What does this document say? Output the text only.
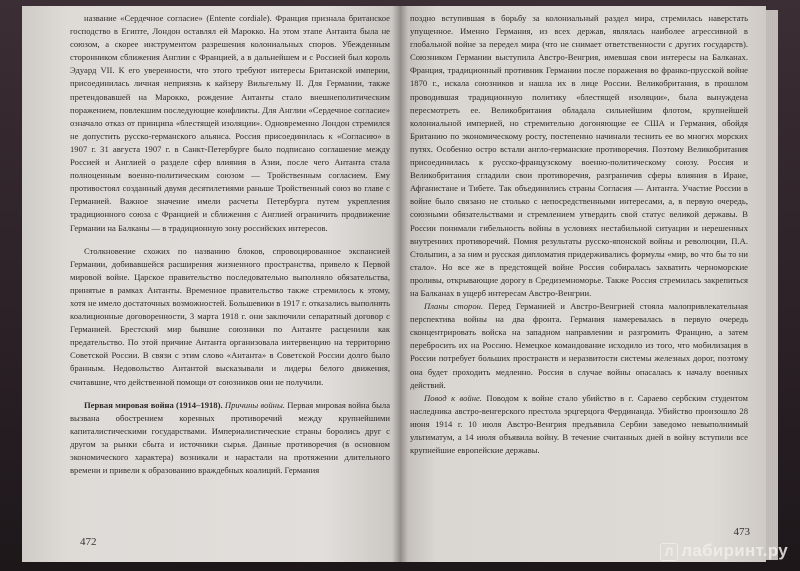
название «Сердечное согласие» (Entente cordiale). Франция признала британское господство в Египте, Лондон оставлял ей Марокко. На этом этапе Антанта была не союзом, а скорее инструментом разрешения колониальных споров. Убежденным сторонником сближения Англии с Францией, а в дальнейшем и с Россией был король Эдуард VII. К его уверенности, что этого требуют интересы Британской империи, присоединилась личная неприязнь к кайзеру Вильгельму II. Для Германии, также претендовавшей на Марокко, рождение Антанты стало внешнеполитическим поражением, повлекшим последующие конфликты. Для Англии «Сердечное согласие» означало отказ от принципа «блестящей изоляции». Одновременно Лондон стремился не допустить русско-германского альянса. Россия присоединилась к «Согласию» в 1907 г. 31 августа 1907 г. в Санкт-Петербурге было подписано соглашение между Россией и Англией о разделе сфер влияния в Азии, после чего Антанта стала полноценным военно-политическим союзом — Тройственным согласием. Ему противостоял созданный двумя десятилетиями раньше Тройственный союз во главе с Германией. Важное значение имели расчеты Петербурга путем укрепления традиционного союза с Францией и сближения с Англией ограничить продвижение Германии на Балканы — в традиционную зону российских интересов.

Столкновение схожих по названию блоков, спровоцированное экспансией Германии, добивавшейся расширения жизненного пространства, привело к Первой мировой войне. Царское правительство последовательно выполняло обязательства, принятые в рамках Антанты. Временное правительство также стремилось к этому, хотя не имело достаточных возможностей. Большевики в 1917 г. отказались выполнять коалиционные договоренности, 3 марта 1918 г. они заключили сепаратный договор с Германией. Брестский мир бывшие союзники по Антанте расценили как предательство. По этой причине Антанта организовала интервенцию на территорию Советской России. В связи с этим слово «Антанта» в Советской России долго было бранным. Недовольство Антантой высказывали и лидеры белого движения, считавшие, что действенной помощи от союзников они не получили.

Первая мировая война (1914–1918). Причины войны. Первая мировая война была вызвана обострением коренных противоречий между крупнейшими капиталистическими государствами. Империалистические страны боролись друг с другом за рынки сбыта и источники сырья. Данные противоречия (в основном экономического характера) возникали и нарастали на протяжении длительного времени и привели к образованию враждебных коалиций. Германия

472

поздно вступившая в борьбу за колониальный раздел мира, стремилась наверстать упущенное. Именно Германия, из всех держав, являлась наиболее агрессивной в глобальной войне за передел мира (что не снимает ответственности с других государств). Союзником Германии выступила Австро-Венгрия, имевшая свои интересы на Балканах. Франция, традиционный противник Германии после поражения во франко-прусской войне 1870 г., искала союзников и нашла их в лице России. Великобритания, в прошлом проводившая традиционную политику «блестящей изоляции», была вынуждена пересмотреть ее. Великобритания обладала сильнейшим флотом, крупнейшей колониальной империей, но стремительно догоняющие ее США и Германия, обойдя Британию по экономическому росту, постепенно начинали теснить ее во многих морских путях. Особенно остро встали англо-германские противоречия. Поэтому Великобритания присоединилась к русско-французскому военно-политическому союзу. Россия и Великобритания сгладили свои противоречия, разграничив сферы влияния в Иране, Афганистане и Тибете. Так объединились страны Согласия — Антанта. Участие России в войне было связано не столько с непосредственными интересами, а, в первую очередь, союзными обязательствами и стремлением утвердить свой статус великой державы. В России понимали гибельность войны в условиях нестабильной ситуации и нерешенных внутренних противоречий. Помня результаты русско-японской войны и революции, П.А. Столыпин, а за ним и русская дипломатия придерживались формулы «мир, во что бы то ни стало». Но все же в предстоящей войне Россия собиралась захватить черноморские проливы, открывающие дорогу в Средиземноморье. Также Россия стремилась закрепиться на Балканах в ущерб интересам Австро-Венгрии.

Планы сторон. Перед Германией и Австро-Венгрией стояла малопривлекательная перспектива войны на два фронта. Германия намеревалась в первую очередь сконцентрировать войска на западном направлении и разгромить Францию, а затем перебросить их на Россию. Немецкое командование исходило из того, что мобилизация в России потребует больших пространств и неразвитости системы железных дорог, поэтому она будет проходить медленно. Россия в случае войны опасалась к началу военных действий.

Повод к войне. Поводом к войне стало убийство в г. Сараево сербским студентом наследника австро-венгерского престола эрцгерцога Фердинанда. Убийство произошло 28 июня 1914 г. 10 июля Австро-Венгрия предъявила Сербии заведомо невыполнимый ультиматум, а 14 июля объявила войну. В течение считанных дней в войну вступили все крупнейшие европейские державы.

473
Л лабиринт.ру
